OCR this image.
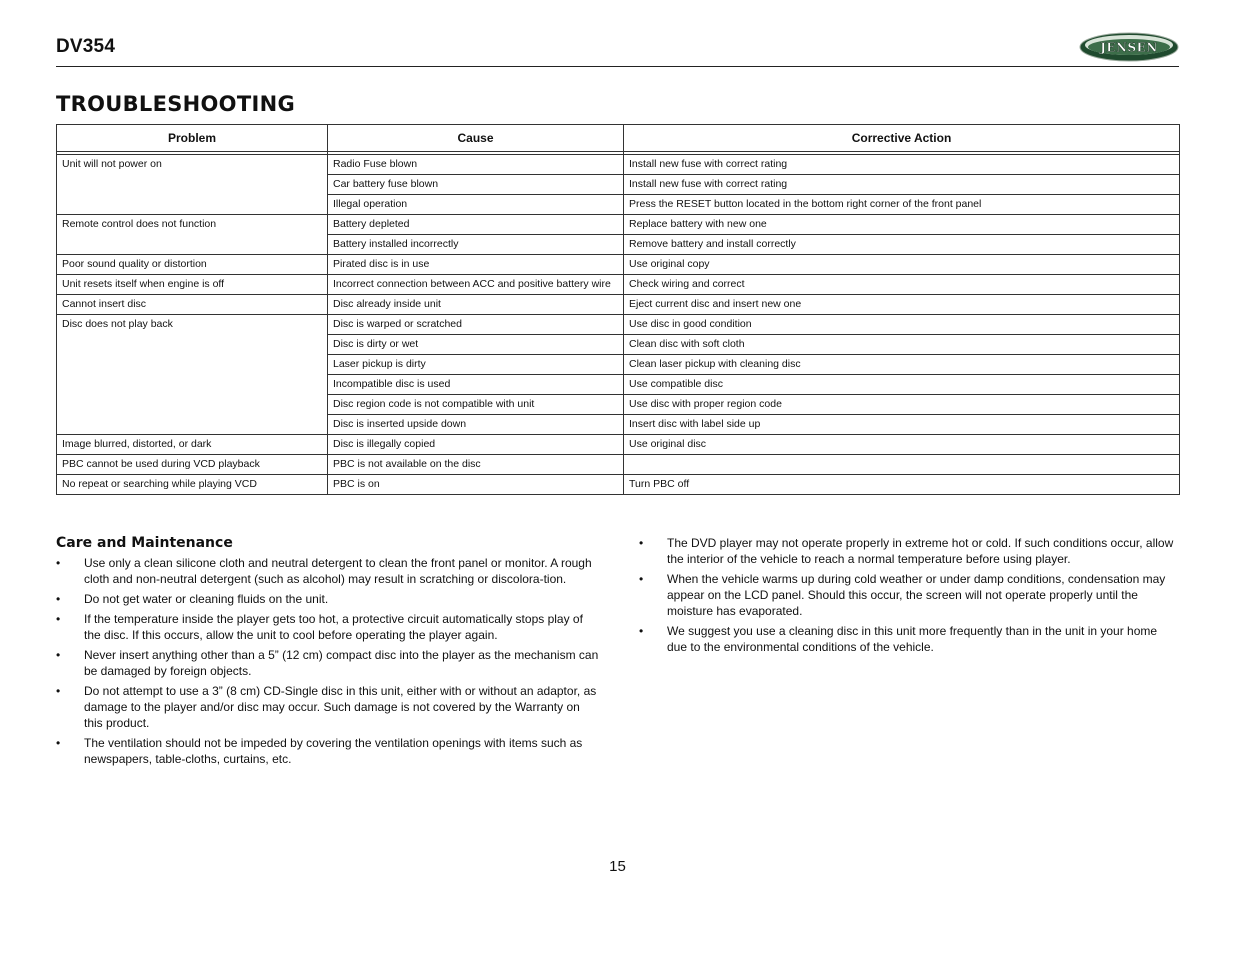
DV354	JENSEN
TROUBLESHOOTING
Problem	Cause	Corrective Action

Unit will not power on	Radio Fuse blown	Install new fuse with correct rating
	Car battery fuse blown	Install new fuse with correct rating
	Illegal operation	Press the RESET button located in the bottom right corner of the front panel
Remote control does not function	Battery depleted	Replace battery with new one
	Battery installed incorrectly	Remove battery and install correctly
Poor sound quality or distortion	Pirated disc is in use	Use original copy
Unit resets itself when engine is off	Incorrect connection between ACC and positive battery wire	Check wiring and correct
Cannot insert disc	Disc already inside unit	Eject current disc and insert new one
Disc does not play back	Disc is warped or scratched	Use disc in good condition
	Disc is dirty or wet	Clean disc with soft cloth
	Laser pickup is dirty	Clean laser pickup with cleaning disc
	Incompatible disc is used	Use compatible disc
	Disc region code is not compatible with unit	Use disc with proper region code
	Disc is inserted upside down	Insert disc with label side up
Image blurred, distorted, or dark	Disc is illegally copied	Use original disc
PBC cannot be used during VCD playback	PBC is not available on the disc	
No repeat or searching while playing VCD	PBC is on	Turn PBC off
Care and Maintenance
• Use only a clean silicone cloth and neutral detergent to clean the front panel or monitor. A rough cloth and non-neutral detergent (such as alcohol) may result in scratching or discolora-tion.
• Do not get water or cleaning fluids on the unit.
• If the temperature inside the player gets too hot, a protective circuit automatically stops play of the disc. If this occurs, allow the unit to cool before operating the player again.
• Never insert anything other than a 5” (12 cm) compact disc into the player as the mechanism can be damaged by foreign objects.
• Do not attempt to use a 3” (8 cm) CD-Single disc in this unit, either with or without an adaptor, as damage to the player and/or disc may occur. Such damage is not covered by the Warranty on this product.
• The ventilation should not be impeded by covering the ventilation openings with items such as newspapers, table-cloths, curtains, etc.
• The DVD player may not operate properly in extreme hot or cold. If such conditions occur, allow the interior of the vehicle to reach a normal temperature before using player.
• When the vehicle warms up during cold weather or under damp conditions, condensation may appear on the LCD panel. Should this occur, the screen will not operate properly until the moisture has evaporated.
• We suggest you use a cleaning disc in this unit more frequently than in the unit in your home due to the environmental conditions of the vehicle.
15
